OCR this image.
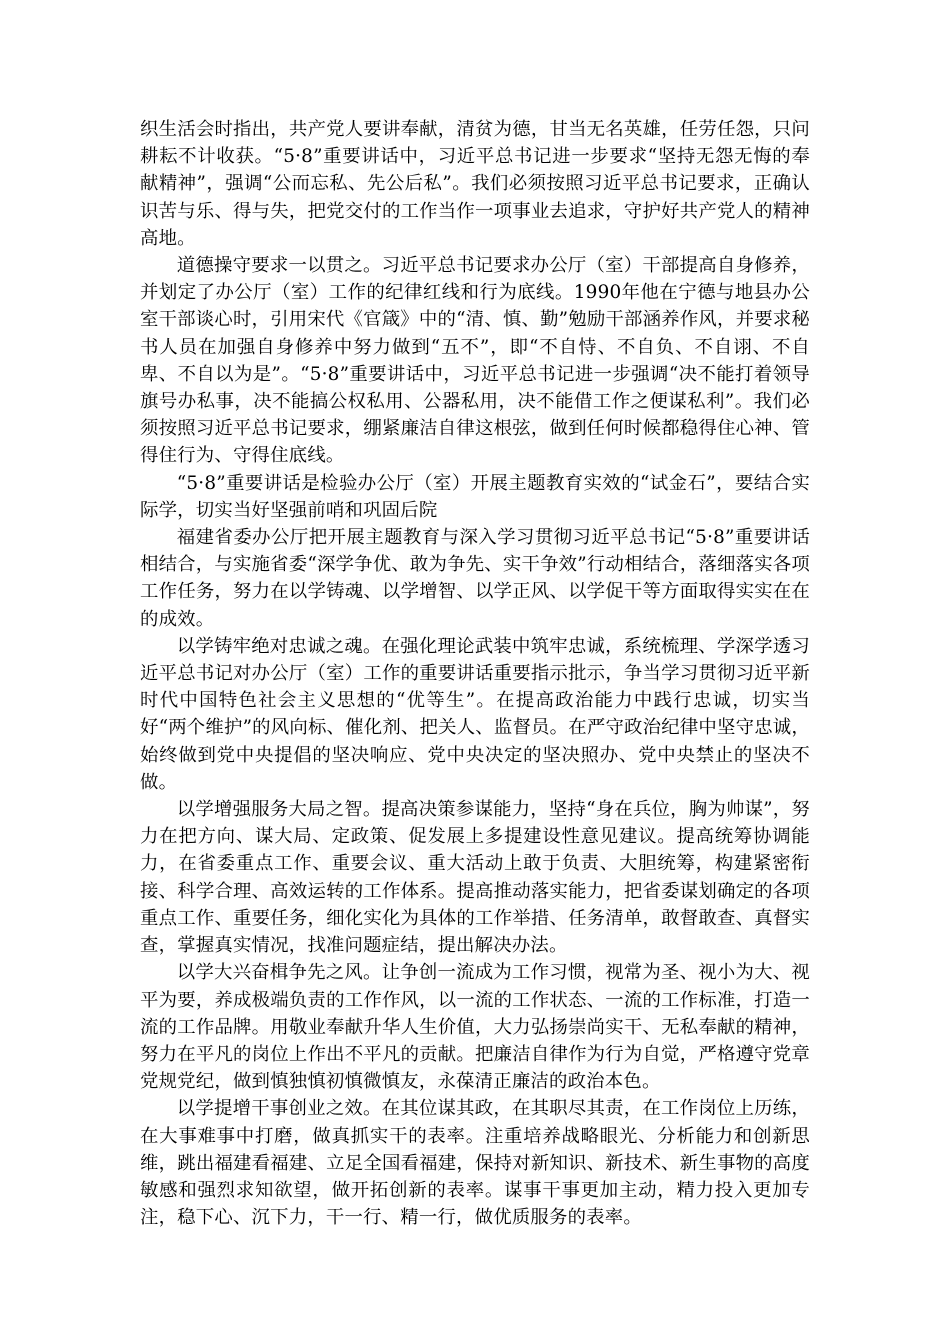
织生活会时指出，共产党人要讲奉献，清贫为德，甘当无名英雄，任劳任怨，只问耕耘不计收获。“5·8”重要讲话中，习近平总书记进一步要求“坚持无怨无悔的奉献精神”，强调“公而忘私、先公后私”。我们必须按照习近平总书记要求，正确认识苦与乐、得与失，把党交付的工作当作一项事业去追求，守护好共产党人的精神高地。

道德操守要求一以贯之。习近平总书记要求办公厅（室）干部提高自身修养，并划定了办公厅（室）工作的纪律红线和行为底线。1990年他在宁德与地县办公室干部谈心时，引用宋代《官箴》中的“清、慎、勤”勉励干部涵养作风，并要求秘书人员在加强自身修养中努力做到“五不”，即“不自恃、不自负、不自诩、不自卑、不自以为是”。“5·8”重要讲话中，习近平总书记进一步强调“决不能打着领导旗号办私事，决不能搞公权私用、公器私用，决不能借工作之便谋私利”。我们必须按照习近平总书记要求，绷紧廉洁自律这根弦，做到任何时候都稳得住心神、管得住行为、守得住底线。

“5·8”重要讲话是检验办公厅（室）开展主题教育实效的“试金石”，要结合实际学，切实当好坚强前哨和巩固后院

福建省委办公厅把开展主题教育与深入学习贯彻习近平总书记“5·8”重要讲话相结合，与实施省委“深学争优、敢为争先、实干争效”行动相结合，落细落实各项工作任务，努力在以学铸魂、以学增智、以学正风、以学促干等方面取得实实在在的成效。

以学铸牢绝对忠诚之魂。在强化理论武装中筑牢忠诚，系统梳理、学深学透习近平总书记对办公厅（室）工作的重要讲话重要指示批示，争当学习贯彻习近平新时代中国特色社会主义思想的“优等生”。在提高政治能力中践行忠诚，切实当好“两个维护”的风向标、催化剂、把关人、监督员。在严守政治纪律中坚守忠诚，始终做到党中央提倡的坚决响应、党中央决定的坚决照办、党中央禁止的坚决不做。

以学增强服务大局之智。提高决策参谋能力，坚持“身在兵位，胸为帅谋”，努力在把方向、谋大局、定政策、促发展上多提建设性意见建议。提高统筹协调能力，在省委重点工作、重要会议、重大活动上敢于负责、大胆统筹，构建紧密衔接、科学合理、高效运转的工作体系。提高推动落实能力，把省委谋划确定的各项重点工作、重要任务，细化实化为具体的工作举措、任务清单，敢督敢查、真督实查，掌握真实情况，找准问题症结，提出解决办法。

以学大兴奋楫争先之风。让争创一流成为工作习惯，视常为圣、视小为大、视平为要，养成极端负责的工作作风，以一流的工作状态、一流的工作标准，打造一流的工作品牌。用敬业奉献升华人生价值，大力弘扬崇尚实干、无私奉献的精神，努力在平凡的岗位上作出不平凡的贡献。把廉洁自律作为行为自觉，严格遵守党章党规党纪，做到慎独慎初慎微慎友，永葆清正廉洁的政治本色。

以学提增干事创业之效。在其位谋其政，在其职尽其责，在工作岗位上历练，在大事难事中打磨，做真抓实干的表率。注重培养战略眼光、分析能力和创新思维，跳出福建看福建、立足全国看福建，保持对新知识、新技术、新生事物的高度敏感和强烈求知欲望，做开拓创新的表率。谋事干事更加主动，精力投入更加专注，稳下心、沉下力，干一行、精一行，做优质服务的表率。
